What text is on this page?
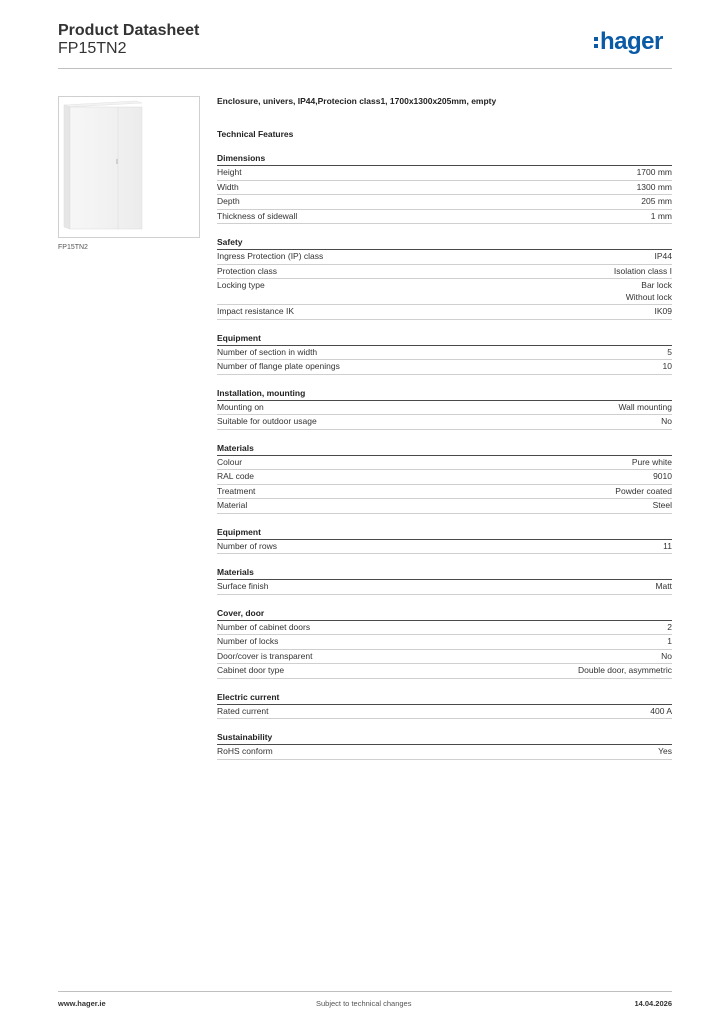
Product Datasheet
FP15TN2	hager
FP15TN2
Enclosure, univers, IP44,Protecion class1, 1700x1300x205mm, empty
Technical Features
Dimensions
Height	1700 mm
Width	1300 mm
Depth	205 mm
Thickness of sidewall	1 mm
Safety
Ingress Protection (IP) class	IP44
Protection class	Isolation class I
Locking type	Bar lock
Without lock
Impact resistance IK	IK09
Equipment
Number of section in width	5
Number of flange plate openings	10
Installation, mounting
Mounting on	Wall mounting
Suitable for outdoor usage	No
Materials
Colour	Pure white
RAL code	9010
Treatment	Powder coated
Material	Steel
Equipment
Number of rows	11
Materials
Surface finish	Matt
Cover, door
Number of cabinet doors	2
Number of locks	1
Door/cover is transparent	No
Cabinet door type	Double door, asymmetric
Electric current
Rated current	400 A
Sustainability
RoHS conform	Yes
www.hager.ie	Subject to technical changes	14.04.2026
